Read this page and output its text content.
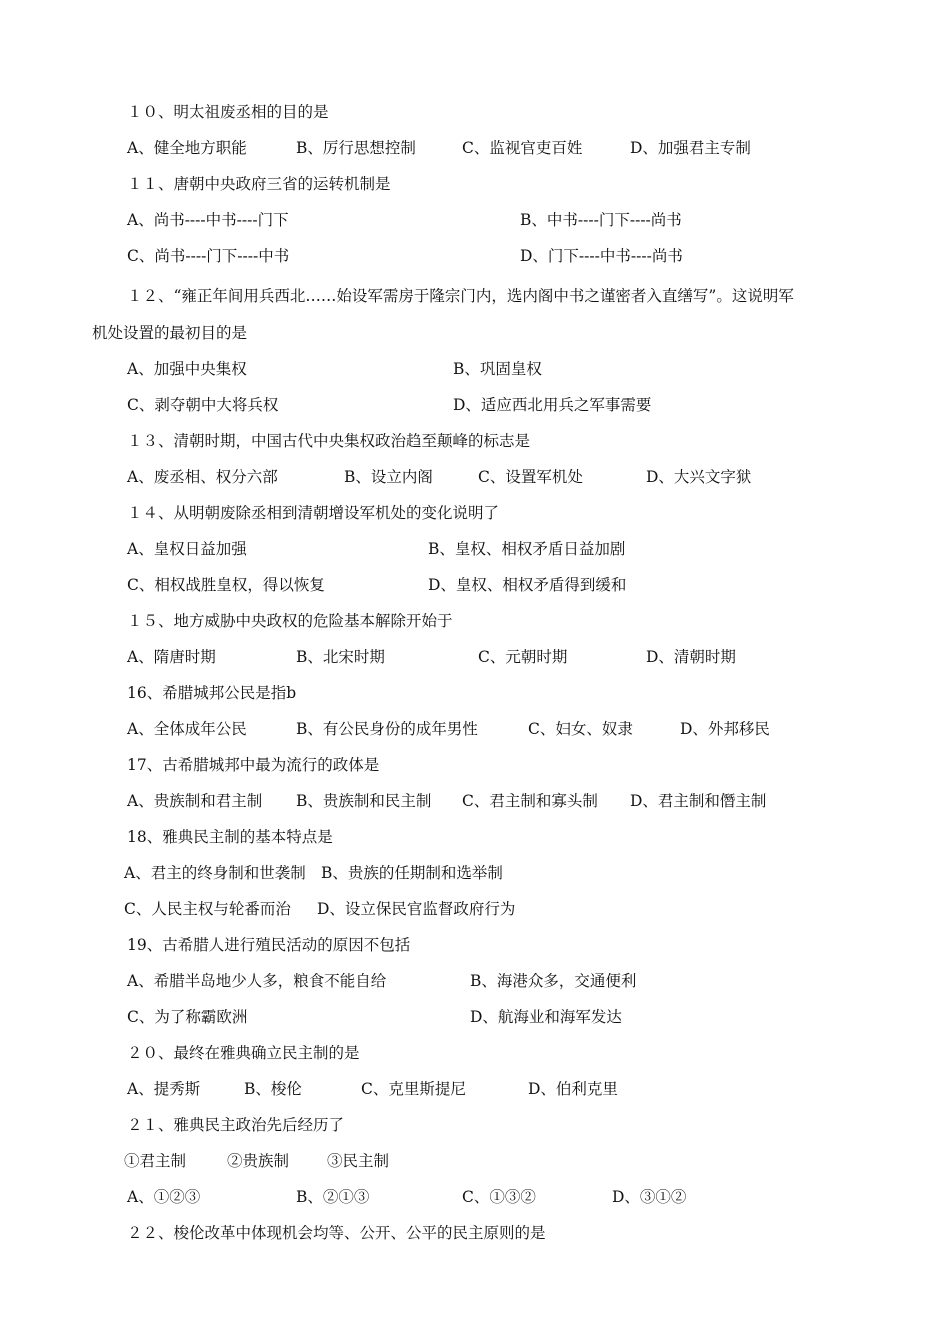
１０、明太祖废丞相的目的是
A、健全地方职能	B、厉行思想控制	C、监视官吏百姓	D、加强君主专制
１１、唐朝中央政府三省的运转机制是
A、尚书----中书----门下	B、中书----门下----尚书
C、尚书----门下----中书	D、门下----中书----尚书
１２、“雍正年间用兵西北……始设军需房于隆宗门内，选内阁中书之谨密者入直缮写”。这说明军
机处设置的最初目的是
A、加强中央集权	B、巩固皇权
C、剥夺朝中大将兵权	D、适应西北用兵之军事需要
１３、清朝时期，中国古代中央集权政治趋至颠峰的标志是
A、废丞相、权分六部	B、设立内阁	C、设置军机处	D、大兴文字狱
１４、从明朝废除丞相到清朝增设军机处的变化说明了
A、皇权日益加强	B、皇权、相权矛盾日益加剧
C、相权战胜皇权，得以恢复	D、皇权、相权矛盾得到缓和
１５、地方威胁中央政权的危险基本解除开始于
A、隋唐时期	B、北宋时期	C、元朝时期	D、清朝时期
16、希腊城邦公民是指b
A、全体成年公民	B、有公民身份的成年男性	C、妇女、奴隶	D、外邦移民
17、古希腊城邦中最为流行的政体是
A、贵族制和君主制 B、贵族制和民主制 C、君主制和寡头制 D、君主制和僭主制
18、雅典民主制的基本特点是
A、君主的终身制和世袭制 B、贵族的任期制和选举制
C、人民主权与轮番而治 D、设立保民官监督政府行为
19、古希腊人进行殖民活动的原因不包括
A、希腊半岛地少人多，粮食不能自给	B、海港众多，交通便利
C、为了称霸欧洲	D、航海业和海军发达
２０、最终在雅典确立民主制的是
A、提秀斯	B、梭伦	C、克里斯提尼	D、伯利克里
２１、雅典民主政治先后经历了
①君主制	②贵族制 ③民主制
A、①②③	B、②①③	C、①③②	D、③①②
２２、梭伦改革中体现机会均等、公开、公平的民主原则的是
